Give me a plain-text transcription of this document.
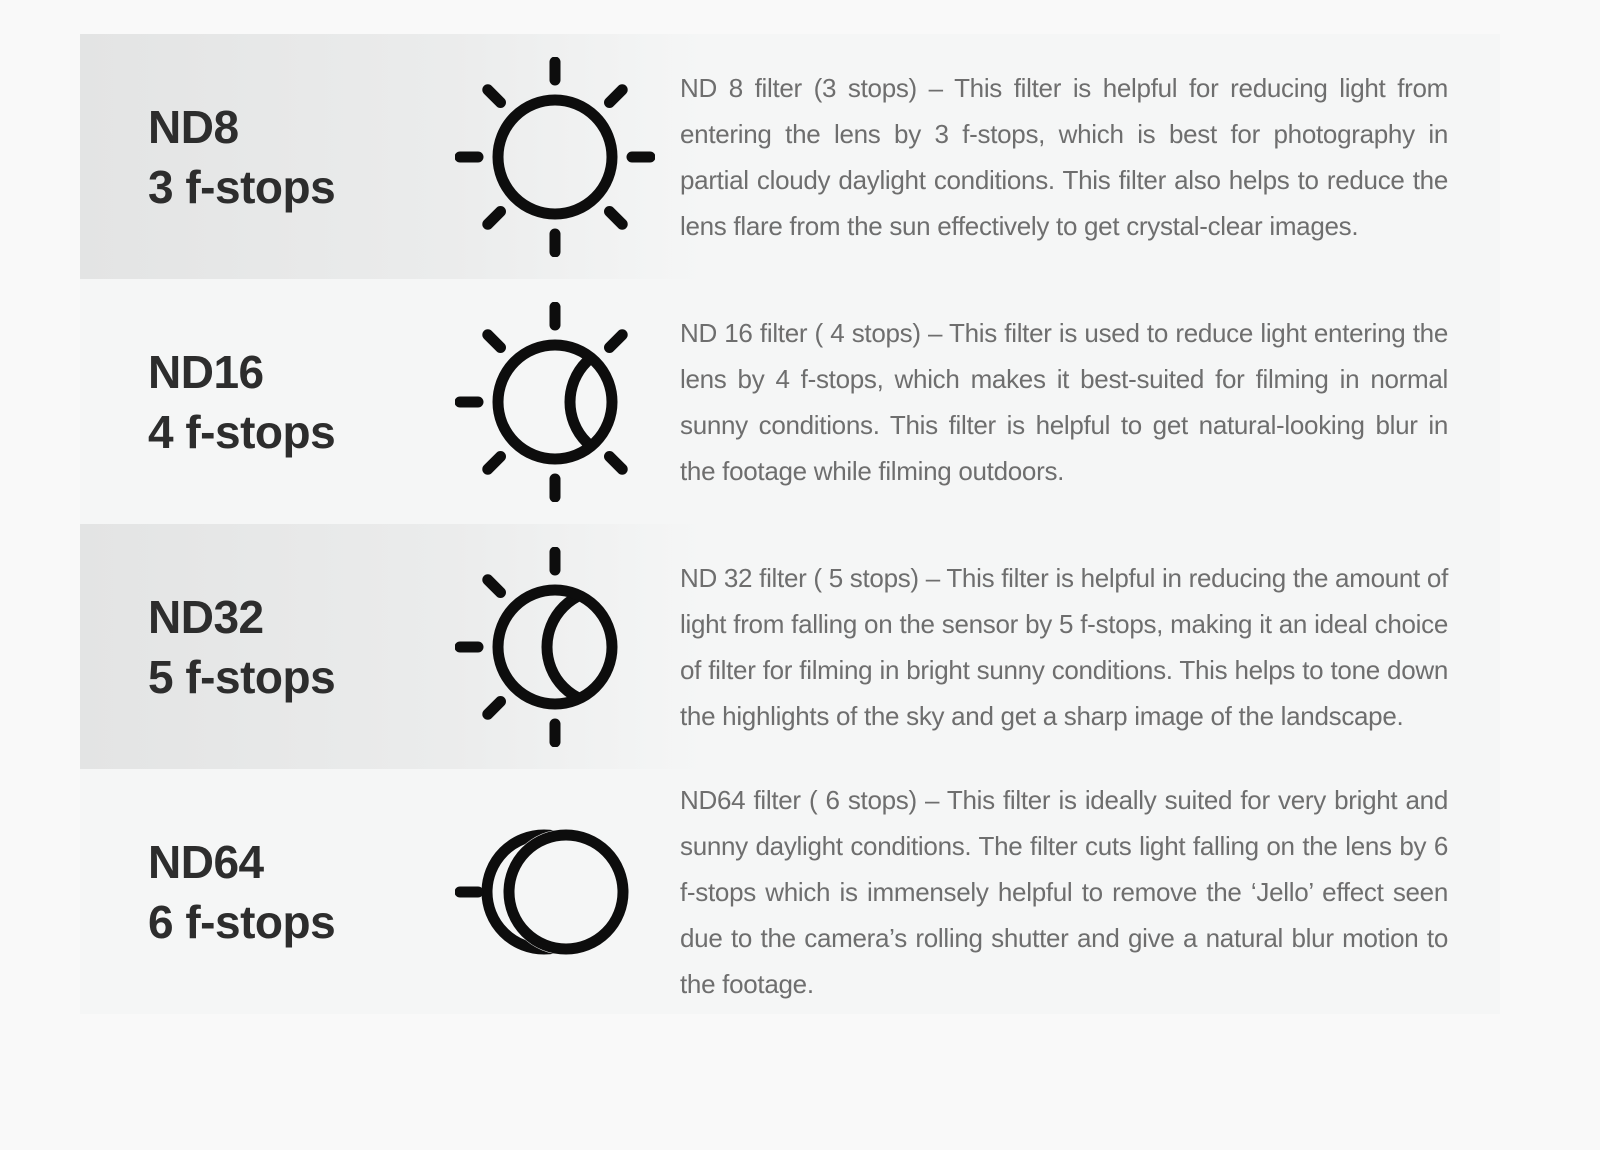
ND8
3 f-stops

ND 8 filter (3 stops) – This filter is helpful for reducing light from entering the lens by 3 f-stops, which is best for photography in partial cloudy daylight conditions. This filter also helps to reduce the lens flare from the sun effectively to get crystal-clear images.

ND16
4 f-stops

ND 16 filter ( 4 stops) – This filter is used to reduce light entering the lens by 4 f-stops, which makes it best-suited for filming in normal sunny conditions. This filter is helpful to get natural-looking blur in the footage while filming outdoors.

ND32
5 f-stops

ND 32 filter ( 5 stops) – This filter is helpful in reducing the amount of light from falling on the sensor by 5 f-stops, making it an ideal choice of filter for filming in bright sunny conditions. This helps to tone down the highlights of the sky and get a sharp image of the landscape.

ND64
6 f-stops

ND64 filter ( 6 stops) – This filter is ideally suited for very bright and sunny daylight conditions. The filter cuts light falling on the lens by 6 f-stops which is immensely helpful to remove the ‘Jello’ effect seen due to the camera’s rolling shutter and give a natural blur motion to the footage.
